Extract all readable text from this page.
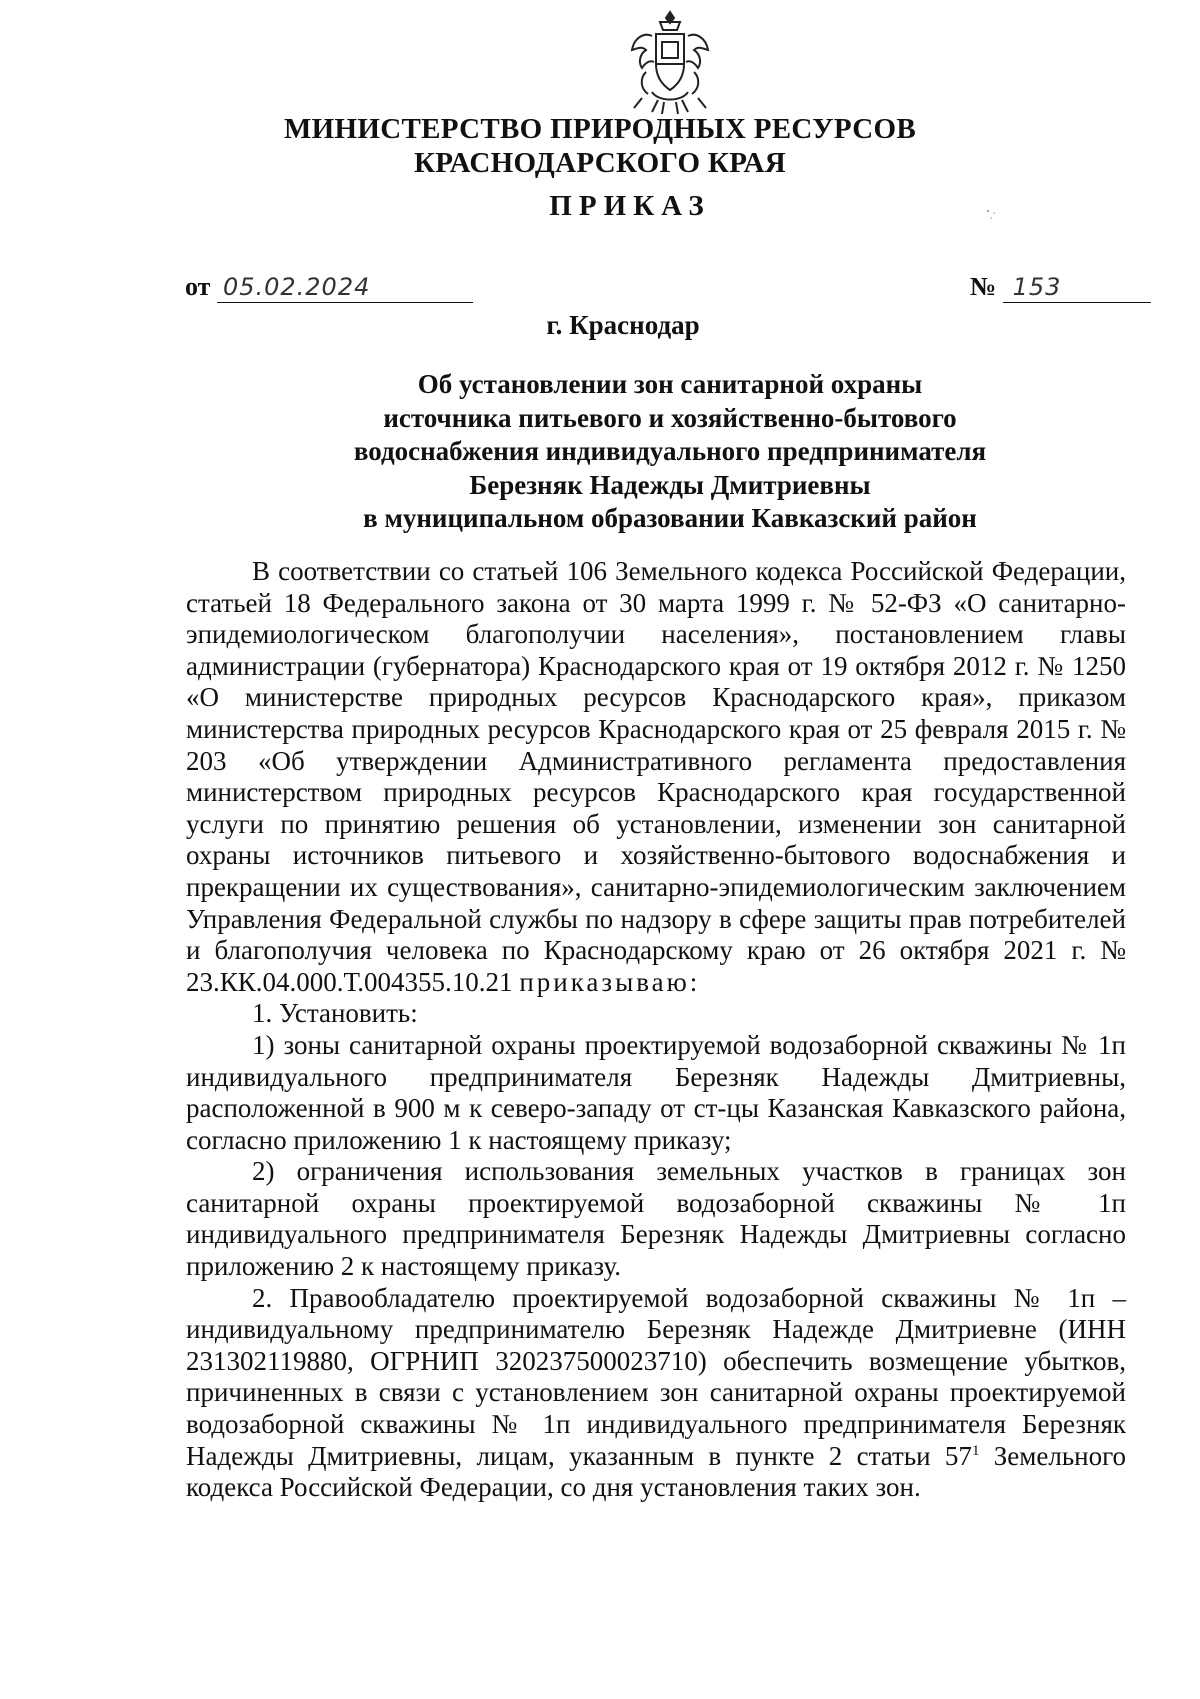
МИНИСТЕРСТВО ПРИРОДНЫХ РЕСУРСОВ
КРАСНОДАРСКОГО КРАЯ
ПРИКАЗ
от 05.02.2024	№ 153
г. Краснодар
Об установлении зон санитарной охраны
источника питьевого и хозяйственно-бытового
водоснабжения индивидуального предпринимателя
Березняк Надежды Дмитриевны
в муниципальном образовании Кавказский район

В соответствии со статьей 106 Земельного кодекса Российской Федерации, статьей 18 Федерального закона от 30 марта 1999 г. № 52-ФЗ «О санитарно-эпидемиологическом благополучии населения», постановлением главы администрации (губернатора) Краснодарского края от 19 октября 2012 г. № 1250 «О министерстве природных ресурсов Краснодарского края», приказом министерства природных ресурсов Краснодарского края от 25 февраля 2015 г. № 203 «Об утверждении Административного регламента предоставления министерством природных ресурсов Краснодарского края государственной услуги по принятию решения об установлении, изменении зон санитарной охраны источников питьевого и хозяйственно-бытового водоснабжения и прекращении их существования», санитарно-эпидемиологическим заключением Управления Федеральной службы по надзору в сфере защиты прав потребителей и благополучия человека по Краснодарскому краю от 26 октября 2021 г. № 23.КК.04.000.Т.004355.10.21 приказываю:

1. Установить:

1) зоны санитарной охраны проектируемой водозаборной скважины № 1п индивидуального предпринимателя Березняк Надежды Дмитриевны, расположенной в 900 м к северо-западу от ст-цы Казанская Кавказского района, согласно приложению 1 к настоящему приказу;

2) ограничения использования земельных участков в границах зон санитарной охраны проектируемой водозаборной скважины № 1п индивидуального предпринимателя Березняк Надежды Дмитриевны согласно приложению 2 к настоящему приказу.

2. Правообладателю проектируемой водозаборной скважины № 1п – индивидуальному предпринимателю Березняк Надежде Дмитриевне (ИНН 231302119880, ОГРНИП 320237500023710) обеспечить возмещение убытков, причиненных в связи с установлением зон санитарной охраны проектируемой водозаборной скважины № 1п индивидуального предпринимателя Березняк Надежды Дмитриевны, лицам, указанным в пункте 2 статьи $57^1$ Земельного кодекса Российской Федерации, со дня установления таких зон.
